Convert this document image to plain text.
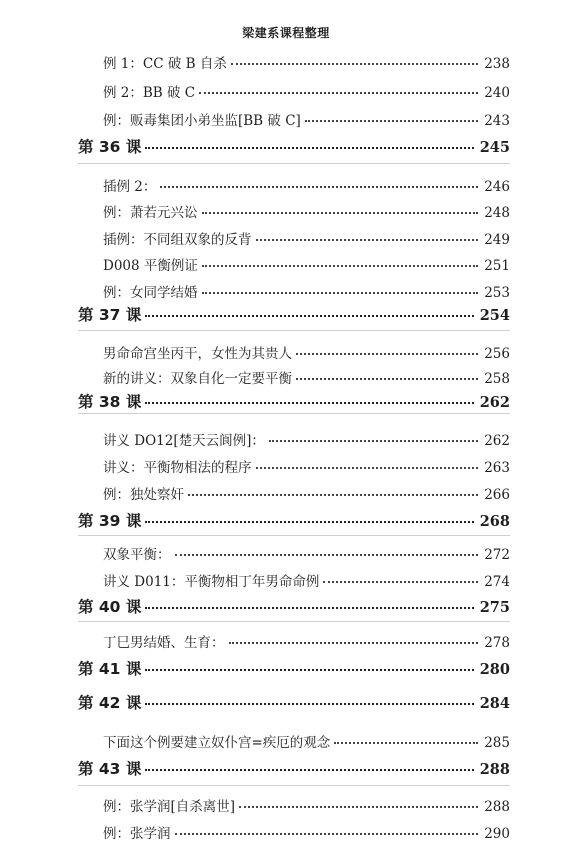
梁建系课程整理
例 1：CC 破 B 自杀	238
例 2：BB 破 C	240
例：贩毒集团小弟坐监[BB 破 C]	243
第 36 课	245
插例 2：	246
例：萧若元兴讼	248
插例：不同组双象的反背	249
D008 平衡例证	251
例：女同学结婚	253
第 37 课	254
男命命宫坐丙干，女性为其贵人	256
新的讲义：双象自化一定要平衡	258
第 38 课	262
讲义 DO12[楚天云阆例]：	262
讲义：平衡物相法的程序	263
例：独处察奸	266
第 39 课	268
双象平衡：	272
讲义 D011：平衡物相丁年男命命例	274
第 40 课	275
丁巳男结婚、生育：	278
第 41 课	280
第 42 课	284
下面这个例要建立奴仆宫=疾厄的观念	285
第 43 课	288
例：张学润[自杀离世]	288
例：张学润	290
